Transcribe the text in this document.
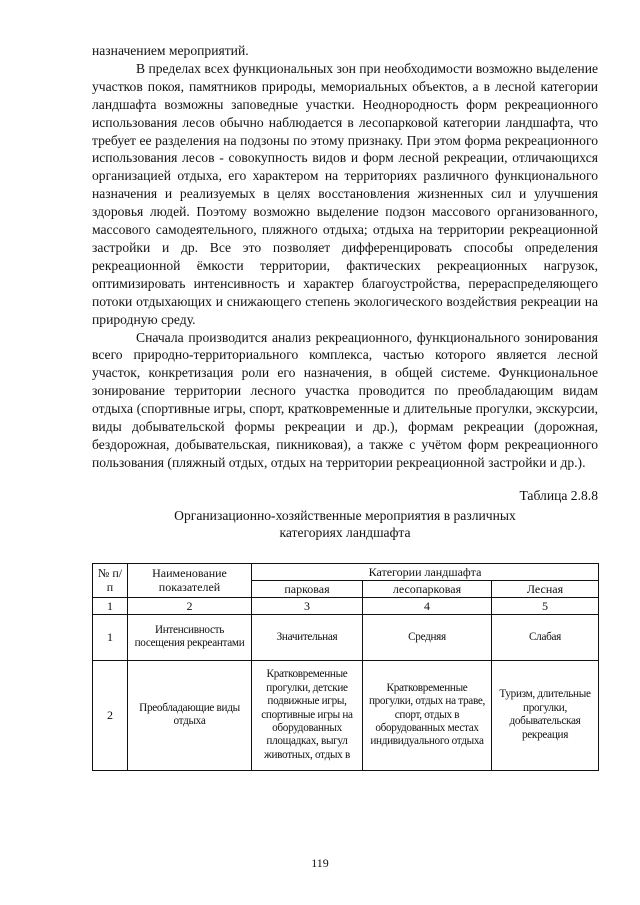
назначением мероприятий.

В пределах всех функциональных зон при необходимости возможно выделение участков покоя, памятников природы, мемориальных объектов, а в лесной категории ландшафта возможны заповедные участки. Неоднородность форм рекреационного использования лесов обычно наблюдается в лесопарковой категории ландшафта, что требует ее разделения на подзоны по этому признаку. При этом форма рекреационного использования лесов - совокупность видов и форм лесной рекреации, отличающихся организацией отдыха, его характером на территориях различного функционального назначения и реализуемых в целях восстановления жизненных сил и улучшения здоровья людей. Поэтому возможно выделение подзон массового организованного, массового самодеятельного, пляжного отдыха; отдыха на территории рекреационной застройки и др. Все это позволяет дифференцировать способы определения рекреационной ёмкости территории, фактических рекреационных нагрузок, оптимизировать интенсивность и характер благоустройства, перераспределяющего потоки отдыхающих и снижающего степень экологического воздействия рекреации на природную среду.

Сначала производится анализ рекреационного, функционального зонирования всего природно-территориального комплекса, частью которого является лесной участок, конкретизация роли его назначения, в общей системе. Функциональное зонирование территории лесного участка проводится по преобладающим видам отдыха (спортивные игры, спорт, кратковременные и длительные прогулки, экскурсии, виды добывательской формы рекреации и др.), формам рекреации (дорожная, бездорожная, добывательская, пикниковая), а также с учётом форм рекреационного пользования (пляжный отдых, отдых на территории рекреационной застройки и др.).

Таблица 2.8.8
Организационно-хозяйственные мероприятия в различных
категориях ландшафта
№ п/п	Наименование показателей	Категории ландшафта		
		парковая	лесопарковая	Лесная
1	2	3	4	5
1	Интенсивность посещения рекреантами	Значительная	Средняя	Слабая
2	Преобладающие виды отдыха	Кратковременные прогулки, детские подвижные игры, спортивные игры на оборудованных площадках, выгул животных, отдых в	Кратковременные прогулки, отдых на траве, спорт, отдых в оборудованных местах индивидуального отдыха	Туризм, длительные прогулки, добывательская рекреация
119
